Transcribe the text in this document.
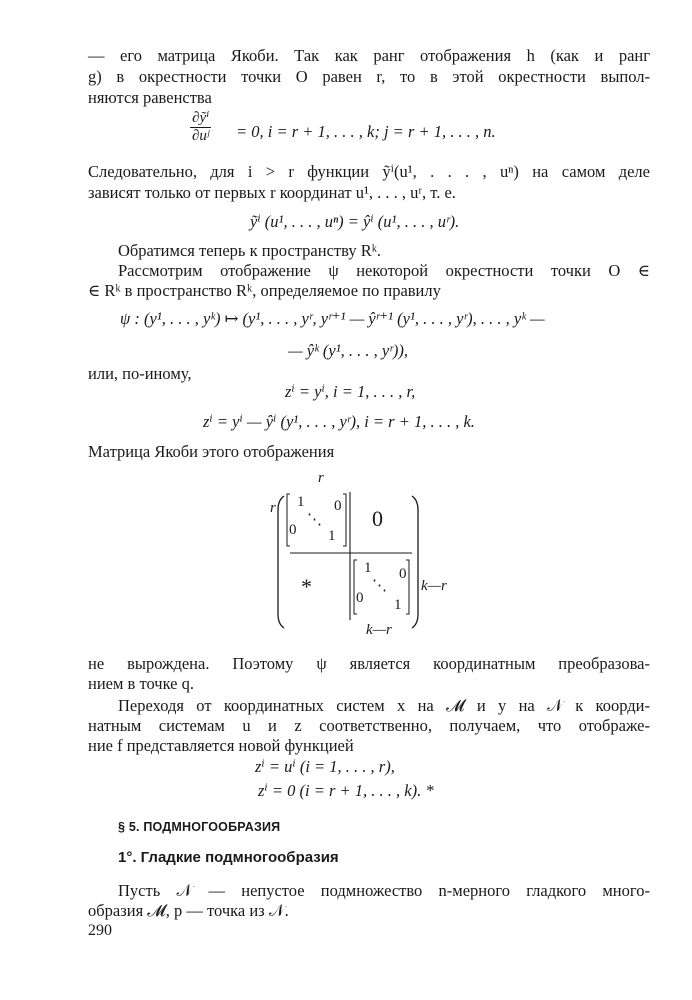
— его матрица Якоби. Так как ранг отображения h (как и ранг
g) в окрестности точки O равен r, то в этой окрестности выпол-
няются равенства
$\frac{\text{∂ỹⁱ}}{\text{∂uʲ}} = 0$, i = r + 1, . . . , k; j = r + 1, . . . , n.
Следовательно, для i > r функции ỹⁱ(u¹, . . . , uⁿ) на самом деле
зависят только от первых r координат u¹, . . . , uʳ, т. е.
ỹⁱ (u¹, . . . , uⁿ) = ŷⁱ (u¹, . . . , uʳ).
Обратимся теперь к пространству Rᵏ.
Рассмотрим отображение ψ некоторой окрестности точки O ∈
∈ Rᵏ в пространство Rᵏ, определяемое по правилу
ψ : (y¹, . . . , yᵏ) ↦ (y¹, . . . , yʳ, yʳ⁺¹ — ŷʳ⁺¹ (y¹, . . . , yʳ), . . . , yᵏ —
— ŷᵏ (y¹, . . . , yʳ)),
или, по-иному,
zⁱ = yⁱ, i = 1, . . . , r,
zⁱ = yⁱ — ŷⁱ (y¹, . . . , yʳ), i = r + 1, . . . , k.
Матрица Якоби этого отображения
r
r 1 0
⋱
0 1
0
*
1 0
⋱
0 1
k—r
k—r
не вырождена. Поэтому ψ является координатным преобразова-
нием в точке q.
Переходя от координатных систем x на 𝓜 и y на 𝒩 к коорди-
натным системам u и z соответственно, получаем, что отображе-
ние f представляется новой функцией
zⁱ = uⁱ (i = 1, . . . , r),
zⁱ = 0 (i = r + 1, . . . , k). *
§ 5. ПОДМНОГООБРАЗИЯ
1°. Гладкие подмногообразия
Пусть 𝒩 — непустое подмножество n-мерного гладкого много-
образия 𝓜, p — точка из 𝒩.
290
